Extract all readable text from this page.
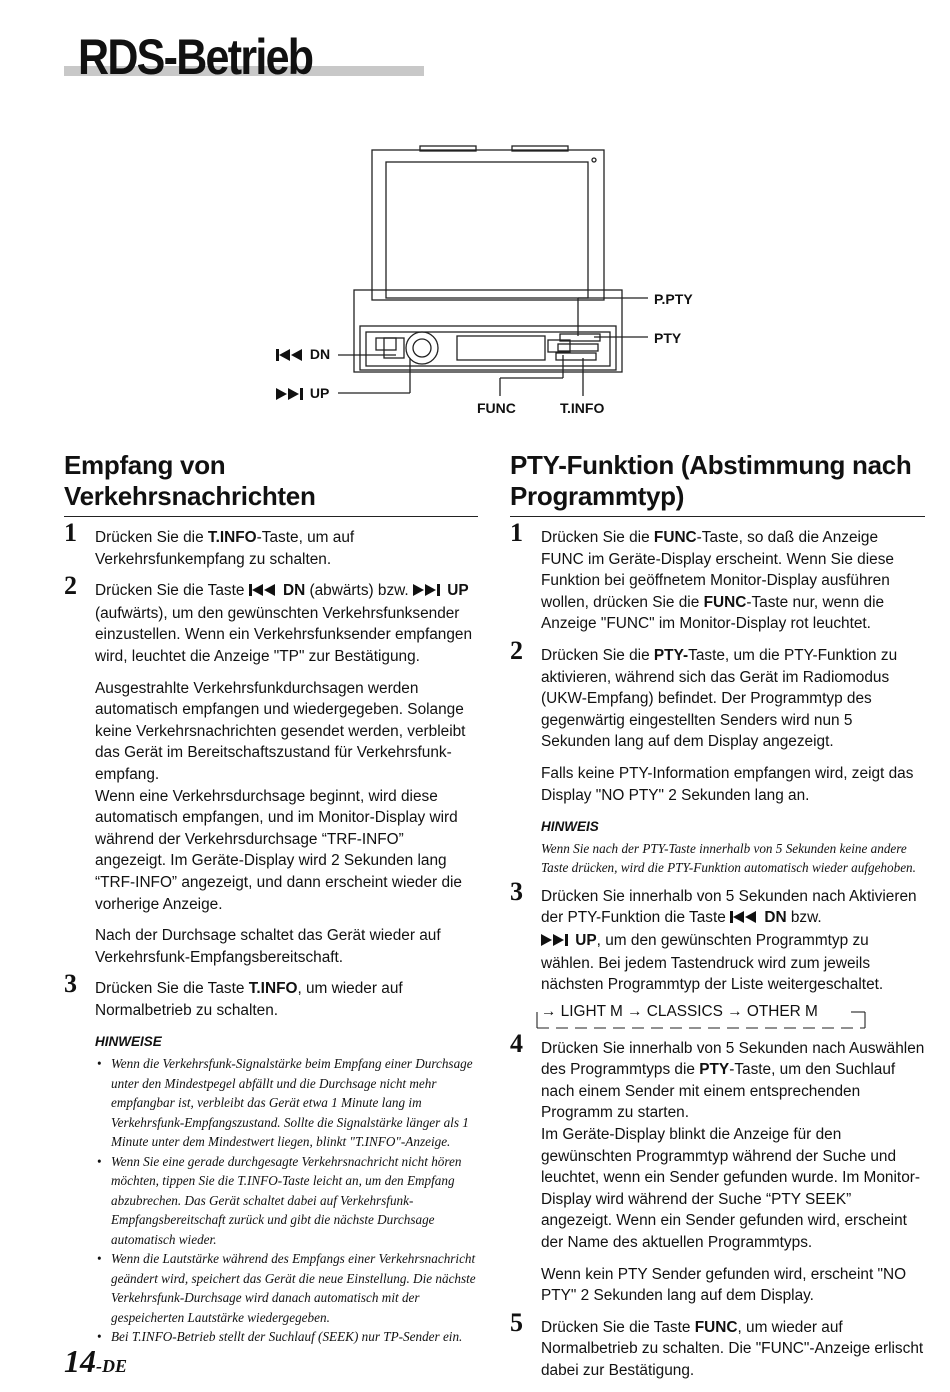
RDS-Betrieb
P.PTY
PTY
DN
UP
FUNC	T.INFO
Empfang von Verkehrsnachrichten
1 Drücken Sie die T.INFO-Taste, um auf Verkehrsfunkempfang zu schalten.

2 Drücken Sie die Taste  DN (abwärts) bzw.  UP (aufwärts), um den gewünschten Verkehrsfunksender einzustellen. Wenn ein Verkehrsfunksender empfangen wird, leuchtet die Anzeige "TP" zur Bestätigung.

Ausgestrahlte Verkehrsfunkdurchsagen werden automatisch empfangen und wiedergegeben. Solange keine Verkehrsnachrichten gesendet werden, verbleibt das Gerät im Bereitschaftszustand für Verkehrsfunk-empfang.

Wenn eine Verkehrsdurchsage beginnt, wird diese automatisch empfangen, und im Monitor-Display wird während der Verkehrsdurchsage “TRF-INFO” angezeigt. Im Geräte-Display wird 2 Sekunden lang “TRF-INFO” angezeigt, und dann erscheint wieder die vorherige Anzeige.

Nach der Durchsage schaltet das Gerät wieder auf Verkehrsfunk-Empfangsbereitschaft.

3 Drücken Sie die Taste T.INFO, um wieder auf Normalbetrieb zu schalten.

HINWEISE
• Wenn die Verkehrsfunk-Signalstärke beim Empfang einer Durchsage unter den Mindestpegel abfällt und die Durchsage nicht mehr empfangbar ist, verbleibt das Gerät etwa 1 Minute lang im Verkehrsfunk-Empfangszustand. Sollte die Signalstärke länger als 1 Minute unter dem Mindestwert liegen, blinkt "T.INFO"-Anzeige.
• Wenn Sie eine gerade durchgesagte Verkehrsnachricht nicht hören möchten, tippen Sie die T.INFO-Taste leicht an, um den Empfang abzubrechen. Das Gerät schaltet dabei auf Verkehrsfunk-Empfangsbereitschaft zurück und gibt die nächste Durchsage automatisch wieder.
• Wenn die Lautstärke während des Empfangs einer Verkehrsnachricht geändert wird, speichert das Gerät die neue Einstellung. Die nächste Verkehrsfunk-Durchsage wird danach automatisch mit der gespeicherten Lautstärke wiedergegeben.
• Bei T.INFO-Betrieb stellt der Suchlauf (SEEK) nur TP-Sender ein.
PTY-Funktion (Abstimmung nach Programmtyp)
1 Drücken Sie die FUNC-Taste, so daß die Anzeige FUNC im Geräte-Display erscheint. Wenn Sie diese Funktion bei geöffnetem Monitor-Display ausführen wollen, drücken Sie die FUNC-Taste nur, wenn die Anzeige "FUNC" im Monitor-Display rot leuchtet.

2 Drücken Sie die PTY-Taste, um die PTY-Funktion zu aktivieren, während sich das Gerät im Radiomodus (UKW-Empfang) befindet. Der Programmtyp des gegenwärtig eingestellten Senders wird nun 5 Sekunden lang auf dem Display angezeigt.

Falls keine PTY-Information empfangen wird, zeigt das Display "NO PTY" 2 Sekunden lang an.

HINWEIS
Wenn Sie nach der PTY-Taste innerhalb von 5 Sekunden keine andere Taste drücken, wird die PTY-Funktion automatisch wieder aufgehoben.
3 Drücken Sie innerhalb von 5 Sekunden nach Aktivieren der PTY-Funktion die Taste  DN bzw.
UP, um den gewünschten Programmtyp zu wählen. Bei jedem Tastendruck wird zum jeweils nächsten Programmtyp der Liste weitergeschaltet.

→ LIGHT M → CLASSICS → OTHER M
4 Drücken Sie innerhalb von 5 Sekunden nach Auswählen des Programmtyps die PTY-Taste, um den Suchlauf nach einem Sender mit einem entsprechenden Programm zu starten.

Im Geräte-Display blinkt die Anzeige für den gewünschten Programmtyp während der Suche und leuchtet, wenn ein Sender gefunden wurde. Im Monitor-Display wird während der Suche “PTY SEEK” angezeigt. Wenn ein Sender gefunden wird, erscheint der Name des aktuellen Programmtyps.

Wenn kein PTY Sender gefunden wird, erscheint "NO PTY" 2 Sekunden lang auf dem Display.

5 Drücken Sie die Taste FUNC, um wieder auf Normalbetrieb zu schalten. Die "FUNC"-Anzeige erlischt dabei zur Bestätigung.

14-DE
